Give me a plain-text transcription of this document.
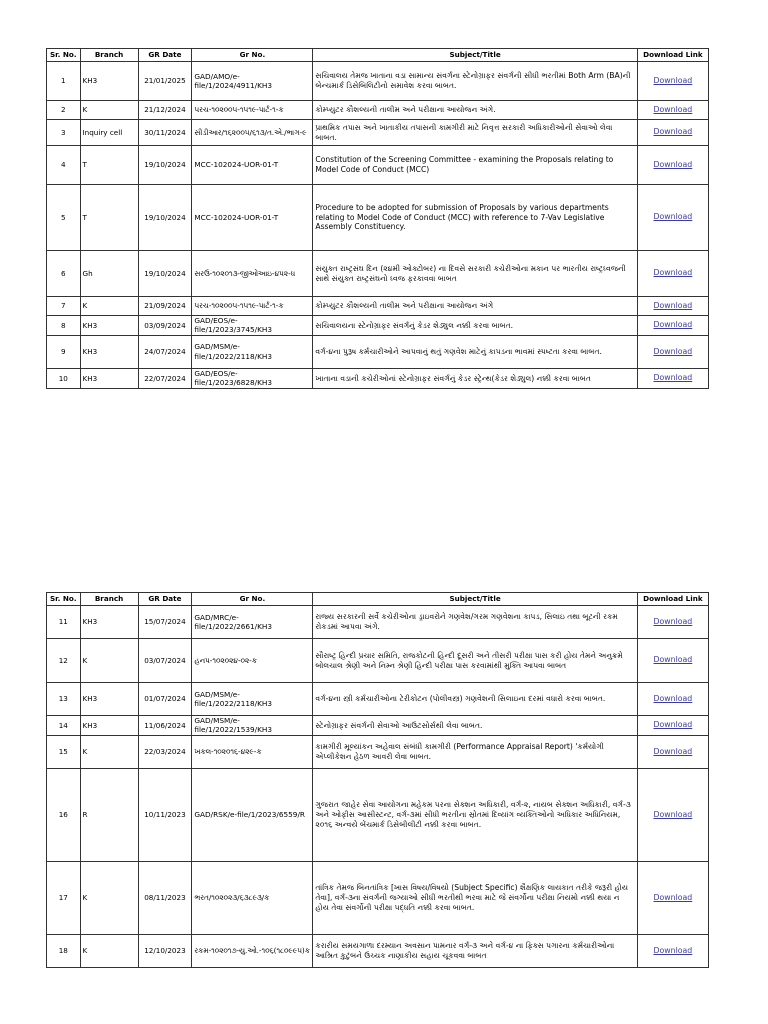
Sr. No.	Branch	GR Date	Gr No.	Subject/Title	Download Link
1	KH3	21/01/2025	GAD/AMO/e-file/1/2024/4911/KH3	સચિવાલય તેમજ ખાતાના વડા સામાન્ય સંવર્ગના સ્ટેનોગ્રાફર સંવર્ગની સીધી ભરતીમાં Both Arm (BA)ની બેન્ચમાર્ક ડિસેબિલિટીનો સમાવેશ કરવા બાબત.	Download
2	K	21/12/2024	પરચ-૧૦૨૦૦૫-૧૫૧૯-પાર્ટ-૧-ક	કોમ્પ્યુટર કૌશલ્યની તાલીમ અને પરીક્ષાના આયોજન અંગે.	Download
3	Inquiry cell	30/11/2024	સીડીઆર/૧૬૨૦૦૫/૬૧૩/ત.એ./ભાગ-૯	પ્રાથમિક તપાસ અને ખાતાકીય તપાસની કામગીરી માટે નિવૃત્ત સરકારી અધિકારીઓની સેવાઓ લેવા બાબત.	Download
4	T	19/10/2024	MCC-102024-UOR-01-T	Constitution of the Screening Committee - examining the Proposals relating to Model Code of Conduct (MCC)	Download
5	T	19/10/2024	MCC-102024-UOR-01-T	Procedure to be adopted for submission of Proposals by various departments relating to Model Code of Conduct (MCC) with reference to 7-Vav Legislative Assembly Constituency.	Download
6	Gh	19/10/2024	સરઉ-૧૦૨૦૧૩-જીઓઆઇ-૪૫૨-ધ	સંયુક્ત રાષ્ટ્રસંઘ દિન (૨૪મી ઓક્ટોબર) ના દિવસે સરકારી કચેરીઓના મકાન પર ભારતીય રાષ્ટ્રધ્વજની સાથે સંયુક્ત રાષ્ટ્રસંઘનો ધ્વજ ફરકાવવા બાબત	Download
7	K	21/09/2024	પરચ-૧૦૨૦૦૫-૧૫૧૯-પાર્ટ-૧-ક	કોમ્પ્યુટર કૌશલ્યની તાલીમ અને પરીક્ષાના આયોજન અંગે	Download
8	KH3	03/09/2024	GAD/EOS/e-file/1/2023/3745/KH3	સચિવાલયના સ્ટેનોગ્રાફર સંવર્ગનું કેડર શેડ્યુલ નક્કી કરવા બાબત.	Download
9	KH3	24/07/2024	GAD/MSM/e-file/1/2022/2118/KH3	વર્ગ-૪ના પુરૂષ કર્મચારીઓને આપવાનું થતું ગણવેશ માટેનું કાપડના ભાવમાં સ્પષ્ટતા કરવા બાબત.	Download
10	KH3	22/07/2024	GAD/EOS/e-file/1/2023/6828/KH3	ખાતાના વડાની કચેરીઓનાં સ્ટેનોગ્રાફર સંવર્ગનું કેડર સ્ટ્રેન્થ(કેડર શેડ્યુલ) નક્કી કરવા બાબત	Download
Sr. No.	Branch	GR Date	Gr No.	Subject/Title	Download Link
11	KH3	15/07/2024	GAD/MRC/e-file/1/2022/2661/KH3	રાજ્ય સરકારની સર્વે કચેરીઓના ડ્રાઇવરોને ગણવેશ/ગરમ ગણવેશના કાપડ, સિલાઇ તથા બૂટની રકમ રોકડમાં આપવા અંગે.	Download
12	K	03/07/2024	હનપ-૧૦૨૦૨૪-૦૨-ક	સૌરાષ્ટ્ર હિન્દી પ્રચાર સમિતિ, રાજકોટની હિન્દી દૂસરી અને તીસરી પરીક્ષા પાસ કરી હોય તેમને અનુક્રમે બોલચાલ શ્રેણી અને નિમ્ન શ્રેણી હિન્દી પરીક્ષા પાસ કરવામાંથી મુક્તિ આપવા બાબત	Download
13	KH3	01/07/2024	GAD/MSM/e-file/1/2022/2118/KH3	વર્ગ-૪ના સ્ત્રી કર્મચારીઓના ટેરીકોટન (પોલીવસ્ત્ર) ગણવેશની સિલાઇના દરમાં વધારો કરવા બાબત.	Download
14	KH3	11/06/2024	GAD/MSM/e-file/1/2022/1539/KH3	સ્ટેનોગ્રાફર સંવર્ગની સેવાઓ આઉટસોર્સથી લેવા બાબત.	Download
15	K	22/03/2024	ખકલ-૧૦૨૦૧૬-૪૨૯-ક	કામગીરી મૂલ્યાંકન અહેવાલ સંબંધી કામગીરી (Performance Appraisal Report) 'કર્મયોગી એપ્લીકેશન હેઠળ આવરી લેવા બાબત.	Download
16	R	10/11/2023	GAD/RSK/e-file/1/2023/6559/R	ગુજરાત જાહેર સેવા આયોગના મહેકમ પરના સેક્શન અધિકારી, વર્ગ-૨, નાયબ સેક્શન અધિકારી, વર્ગ-૩ અને ઓફીસ આસીસ્ટન્ટ, વર્ગ-૩માં સીધી ભરતીના સ્રોતમાં દિવ્યાંગ વ્યક્તિઓનો અધિકાર અધિનિયમ, ૨૦૧૬ અન્વયે બેંચમાર્ક ડિસેબીલીટી નક્કી કરવા બાબત.	Download
17	K	08/11/2023	ભરત/૧૦૨૦૨૩/૬૩૮૯૩/ક	તાંત્રિક તેમજ બિનતાંત્રિક [ખાસ વિષય/વિષયો (Subject Specific) શૈક્ષણિક લાયકાત તરીકે જરૂરી હોય તેવા], વર્ગ-૩ના સંવર્ગની જગ્યાઓ સીધી ભરતીથી ભરવા માટે જે સંવર્ગોના પરીક્ષા નિયમો નક્કી થયા ન હોય તેવા સંવર્ગોની પરીક્ષા પદ્ધતિ નક્કી કરવા બાબત.	Download
18	K	12/10/2023	રકમ-૧૦૨૦૧૭-યુ.ઓ.-૧૦૬(૧૮૦૯૯૫)ક	કરારીય સમયગાળા દરમ્યાન અવસાન પામનાર વર્ગ-૩ અને વર્ગ-૪ ના ફિક્સ પગારના કર્મચારીઓના આશ્રિત કુટુંબને ઉચ્ચક નાણાકીય સહાય ચૂકવવા બાબત	Download
